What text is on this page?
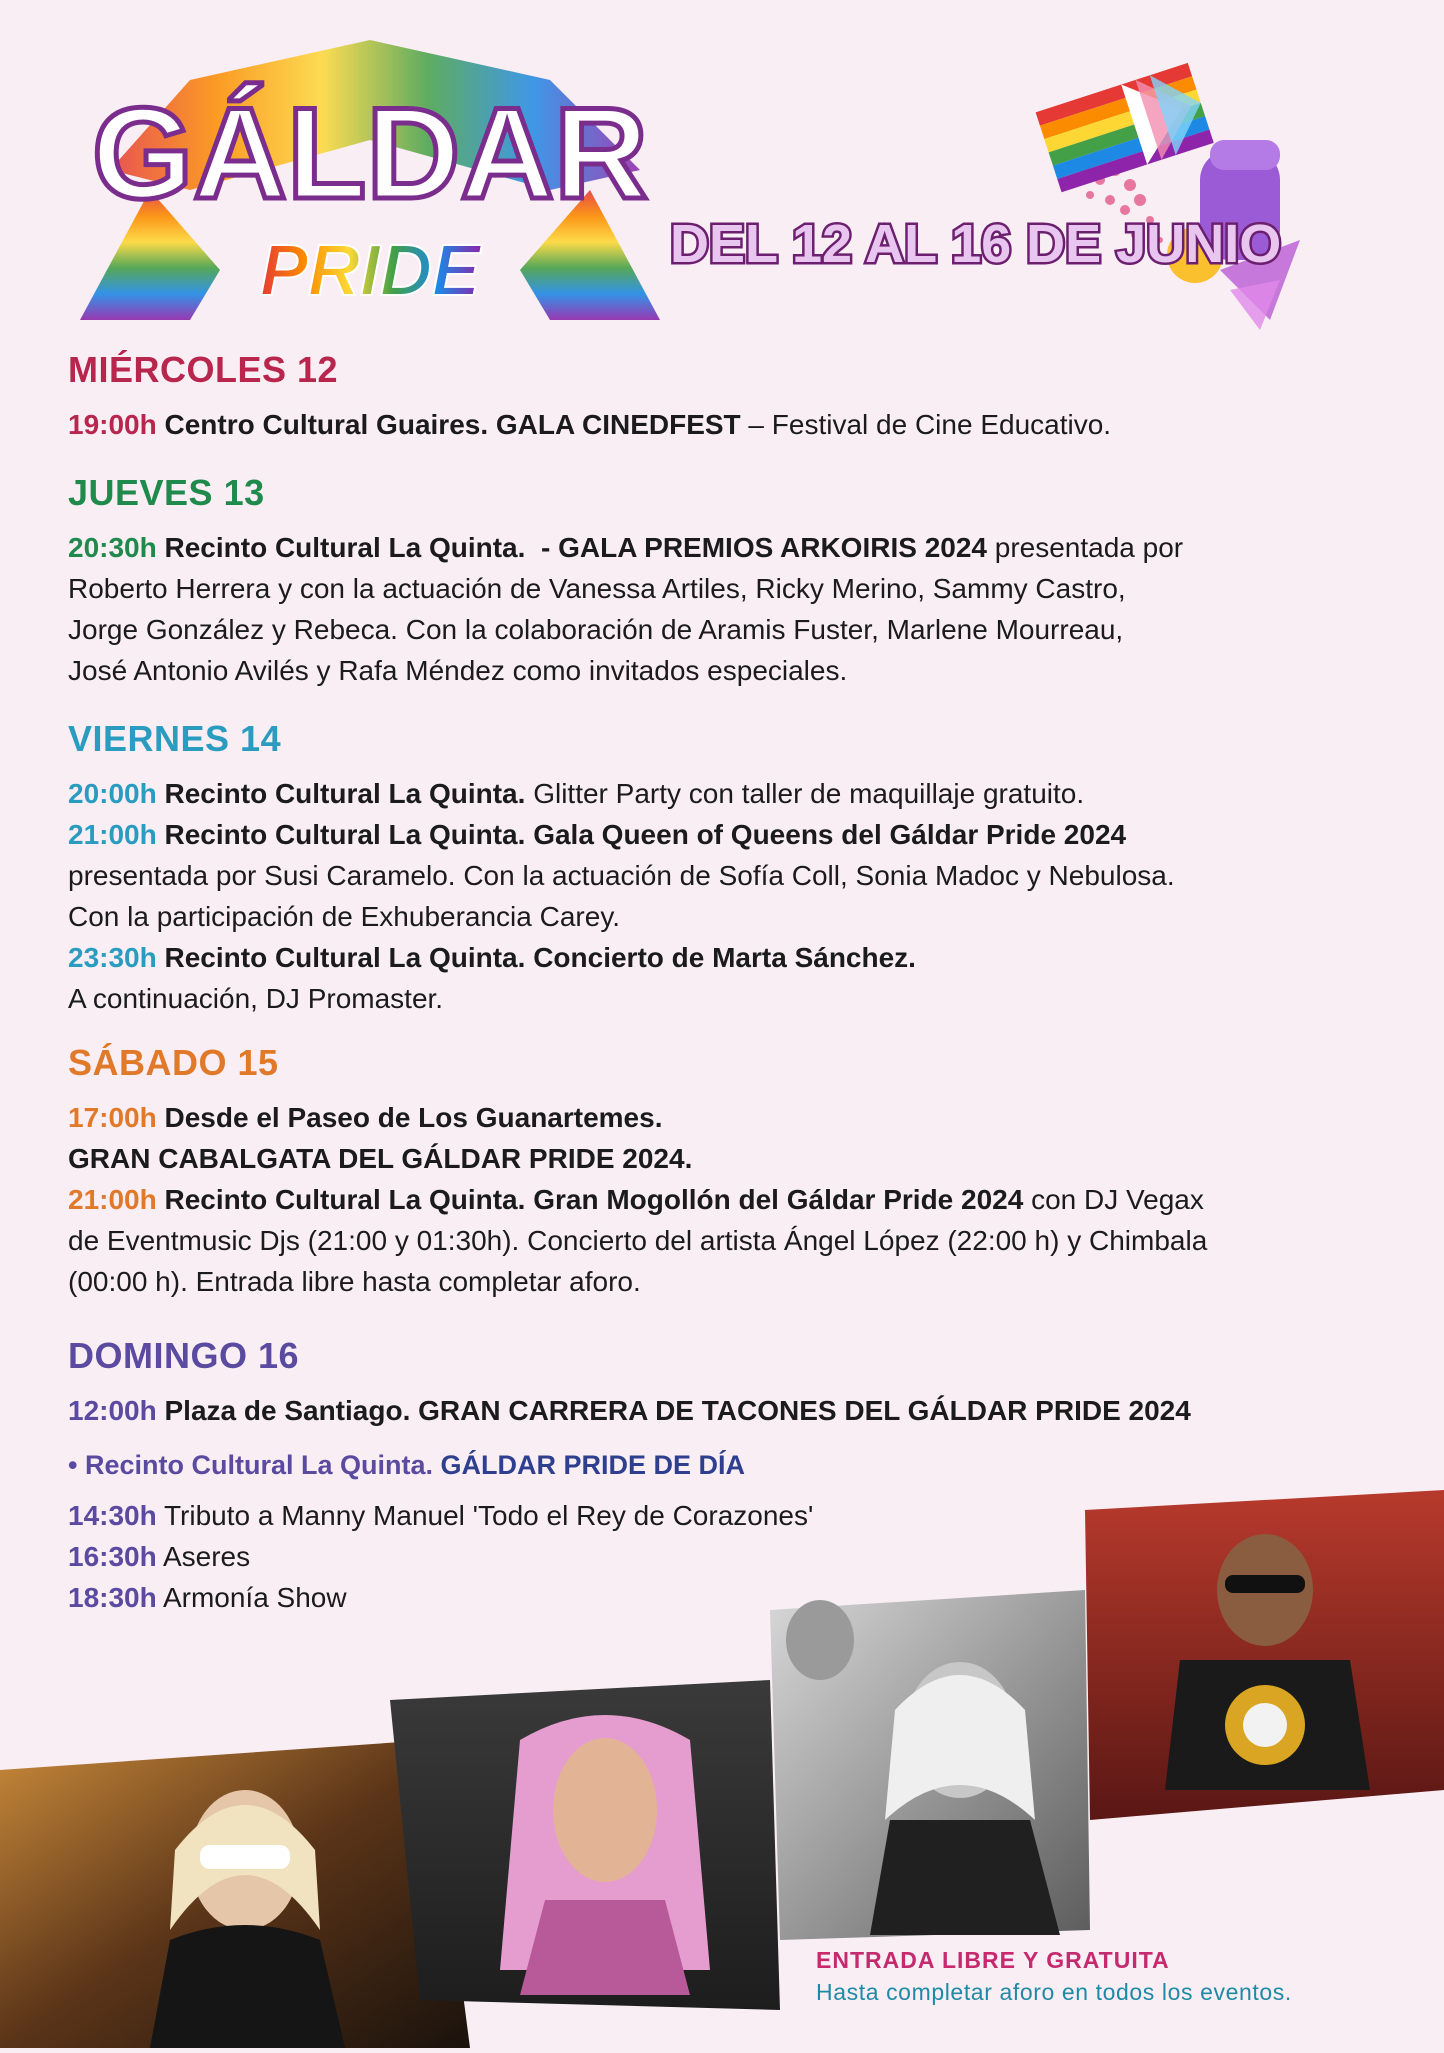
GÁLDAR
PRIDE	DEL 12 AL 16 DE JUNIO
MIÉRCOLES 12

19:00h Centro Cultural Guaires. GALA CINEDFEST – Festival de Cine Educativo.

JUEVES 13

20:30h Recinto Cultural La Quinta.  - GALA PREMIOS ARKOIRIS 2024 presentada por

Roberto Herrera y con la actuación de Vanessa Artiles, Ricky Merino, Sammy Castro,

Jorge González y Rebeca. Con la colaboración de Aramis Fuster, Marlene Mourreau,

José Antonio Avilés y Rafa Méndez como invitados especiales.

VIERNES 14

20:00h Recinto Cultural La Quinta. Glitter Party con taller de maquillaje gratuito.

21:00h Recinto Cultural La Quinta. Gala Queen of Queens del Gáldar Pride 2024

presentada por Susi Caramelo. Con la actuación de Sofía Coll, Sonia Madoc y Nebulosa.

Con la participación de Exhuberancia Carey.

23:30h Recinto Cultural La Quinta. Concierto de Marta Sánchez.

A continuación, DJ Promaster.

SÁBADO 15

17:00h Desde el Paseo de Los Guanartemes.

GRAN CABALGATA DEL GÁLDAR PRIDE 2024.

21:00h Recinto Cultural La Quinta. Gran Mogollón del Gáldar Pride 2024 con DJ Vegax

de Eventmusic Djs (21:00 y 01:30h). Concierto del artista Ángel López (22:00 h) y Chimbala

(00:00 h). Entrada libre hasta completar aforo.

DOMINGO 16

12:00h Plaza de Santiago. GRAN CARRERA DE TACONES DEL GÁLDAR PRIDE 2024

• Recinto Cultural La Quinta. GÁLDAR PRIDE DE DÍA

14:30h Tributo a Manny Manuel 'Todo el Rey de Corazones'

16:30h Aseres

18:30h Armonía Show

ENTRADA LIBRE Y GRATUITA
Hasta completar aforo en todos los eventos.
